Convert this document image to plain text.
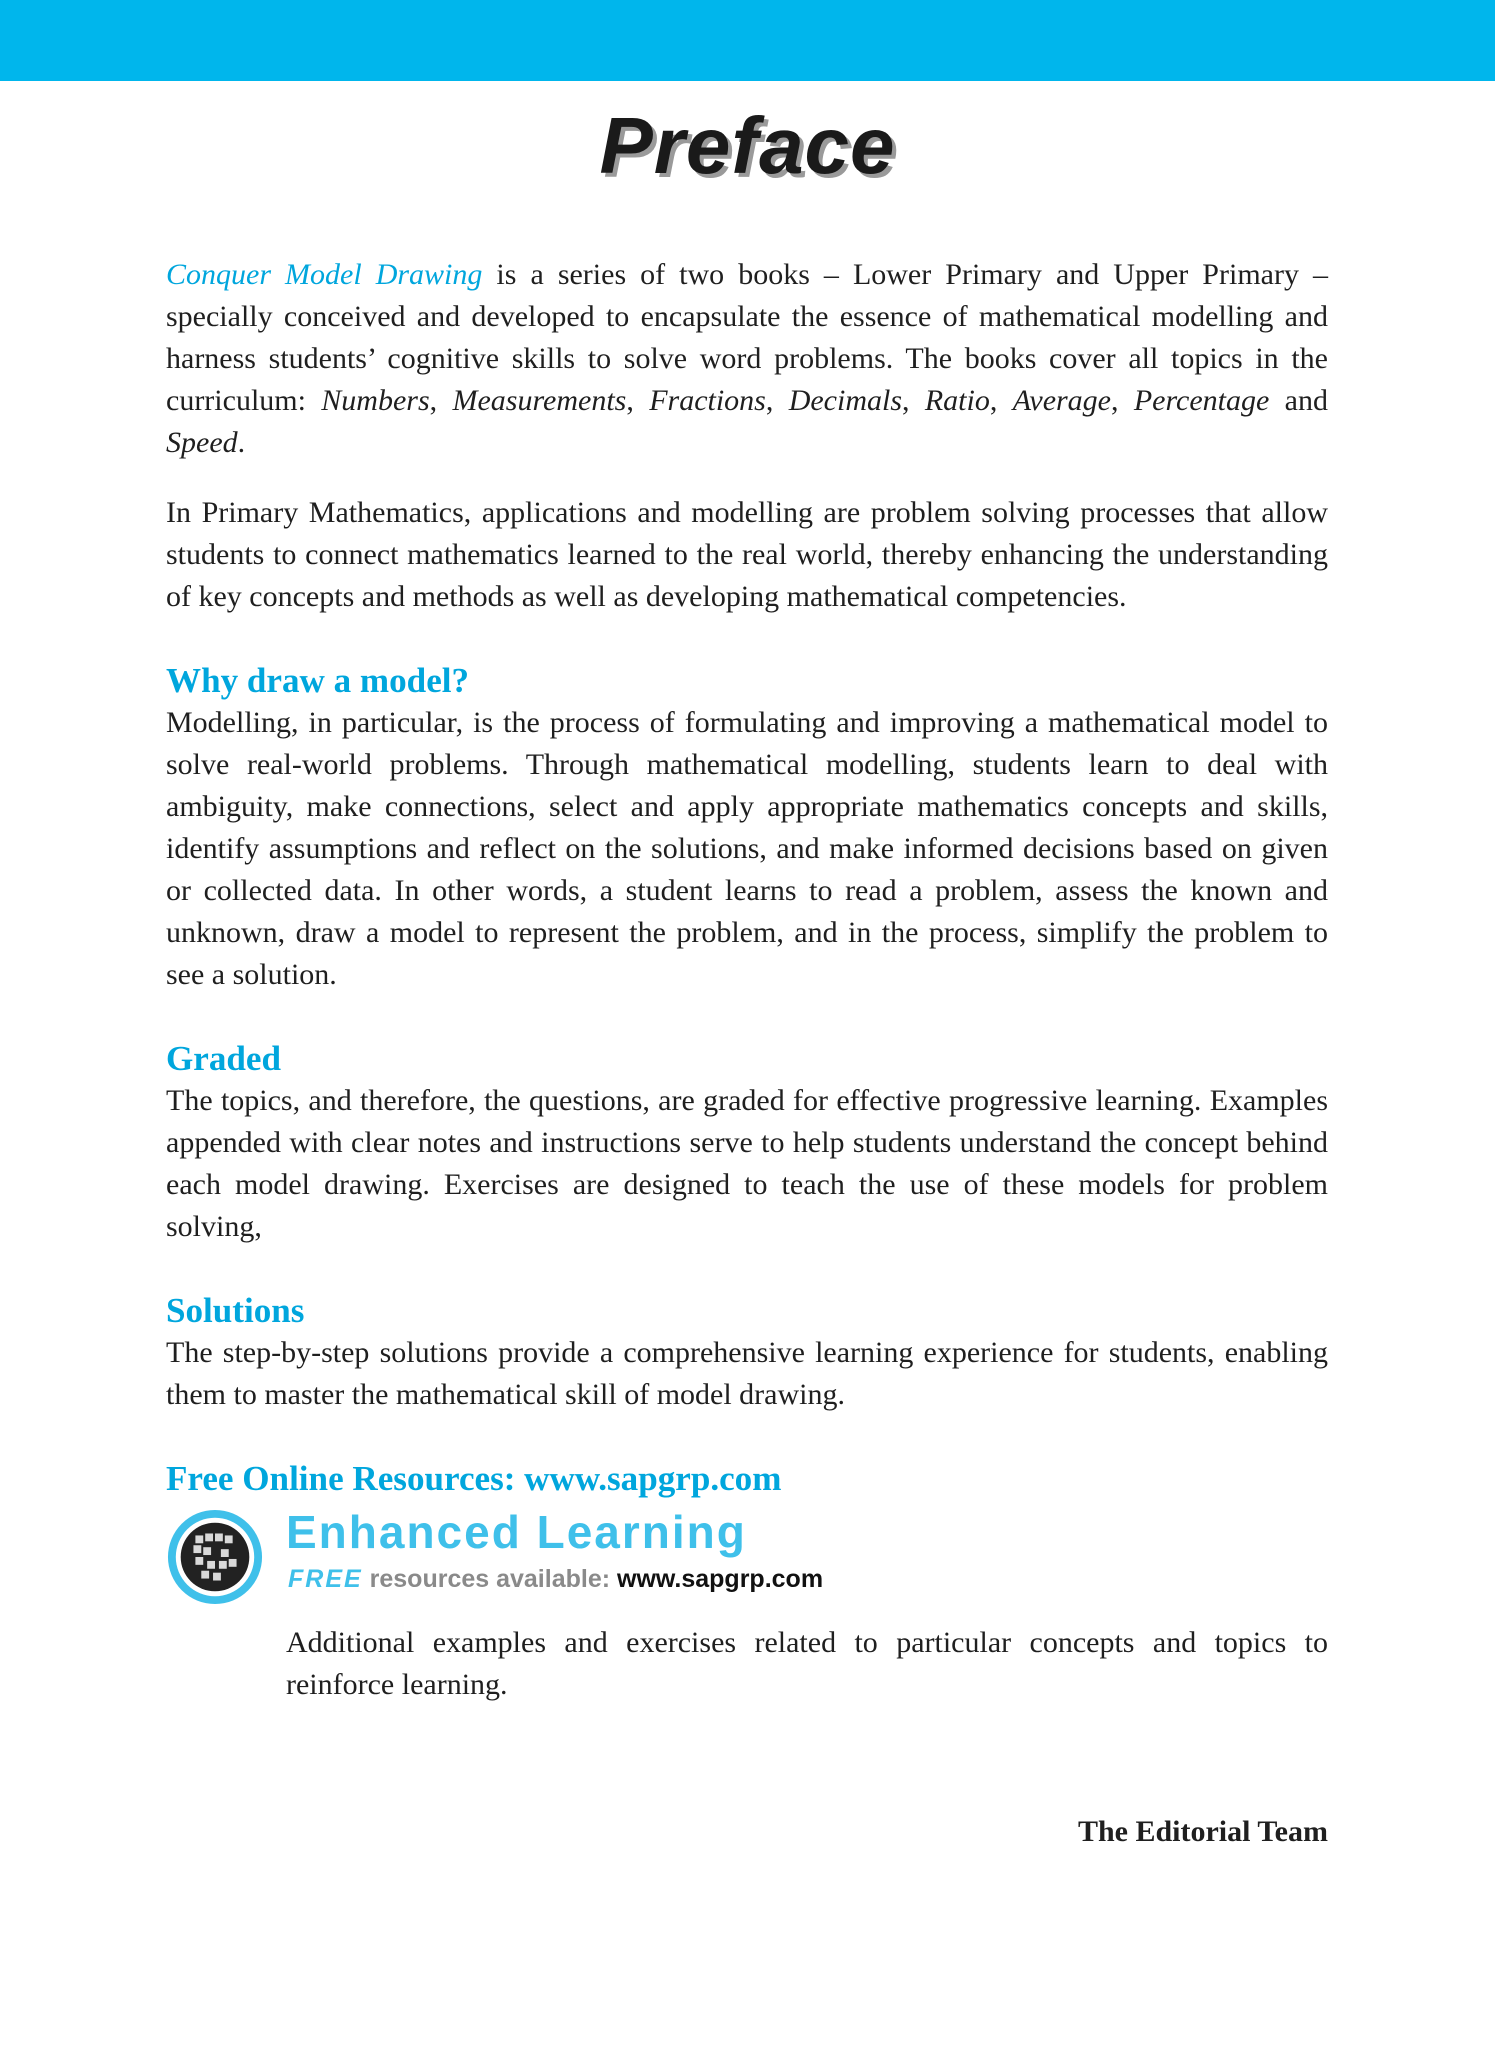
Preface

Conquer Model Drawing is a series of two books – Lower Primary and Upper Primary – specially conceived and developed to encapsulate the essence of mathematical modelling and harness students’ cognitive skills to solve word problems. The books cover all topics in the curriculum: Numbers, Measurements, Fractions, Decimals, Ratio, Average, Percentage and Speed.

In Primary Mathematics, applications and modelling are problem solving processes that allow students to connect mathematics learned to the real world, thereby enhancing the understanding of key concepts and methods as well as developing mathematical competencies.

Why draw a model?

Modelling, in particular, is the process of formulating and improving a mathematical model to solve real-world problems. Through mathematical modelling, students learn to deal with ambiguity, make connections, select and apply appropriate mathematics concepts and skills, identify assumptions and reflect on the solutions, and make informed decisions based on given or collected data. In other words, a student learns to read a problem, assess the known and unknown, draw a model to represent the problem, and in the process, simplify the problem to see a solution.

Graded

The topics, and therefore, the questions, are graded for effective progressive learning. Examples appended with clear notes and instructions serve to help students understand the concept behind each model drawing. Exercises are designed to teach the use of these models for problem solving,

Solutions

The step-by-step solutions provide a comprehensive learning experience for students, enabling them to master the mathematical skill of model drawing.

Free Online Resources: www.sapgrp.com
Enhanced Learning
FREE resources available: www.sapgrp.com

Additional examples and exercises related to particular concepts and topics to reinforce learning.

The Editorial Team
